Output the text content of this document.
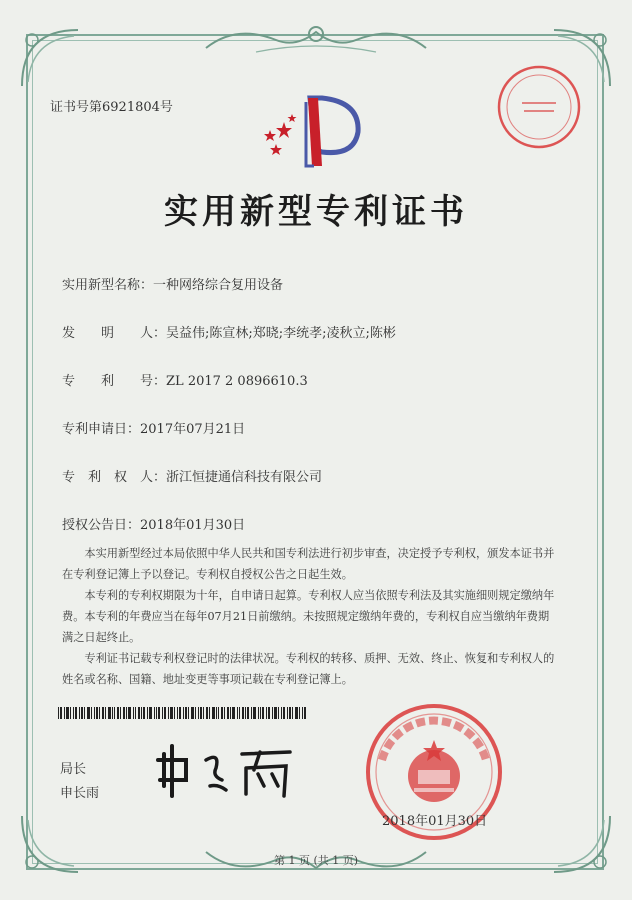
证书号第6921804号
实用新型专利证书
实用新型名称：一种网络综合复用设备
发　　明　　人：吴益伟;陈宣林;郑晓;李统孝;凌秋立;陈彬
专　　利　　号：ZL 2017 2 0896610.3
专利申请日：2017年07月21日
专　利　权　人：浙江恒捷通信科技有限公司
授权公告日：2018年01月30日

本实用新型经过本局依照中华人民共和国专利法进行初步审查，决定授予专利权，颁发本证书并在专利登记簿上予以登记。专利权自授权公告之日起生效。

本专利的专利权期限为十年，自申请日起算。专利权人应当依照专利法及其实施细则规定缴纳年费。本专利的年费应当在每年07月21日前缴纳。未按照规定缴纳年费的，专利权自应当缴纳年费期满之日起终止。

专利证书记载专利权登记时的法律状况。专利权的转移、质押、无效、终止、恢复和专利权人的姓名或名称、国籍、地址变更等事项记载在专利登记簿上。

局长
申长雨
2018年01月30日
第 1 页 (共 1 页)
